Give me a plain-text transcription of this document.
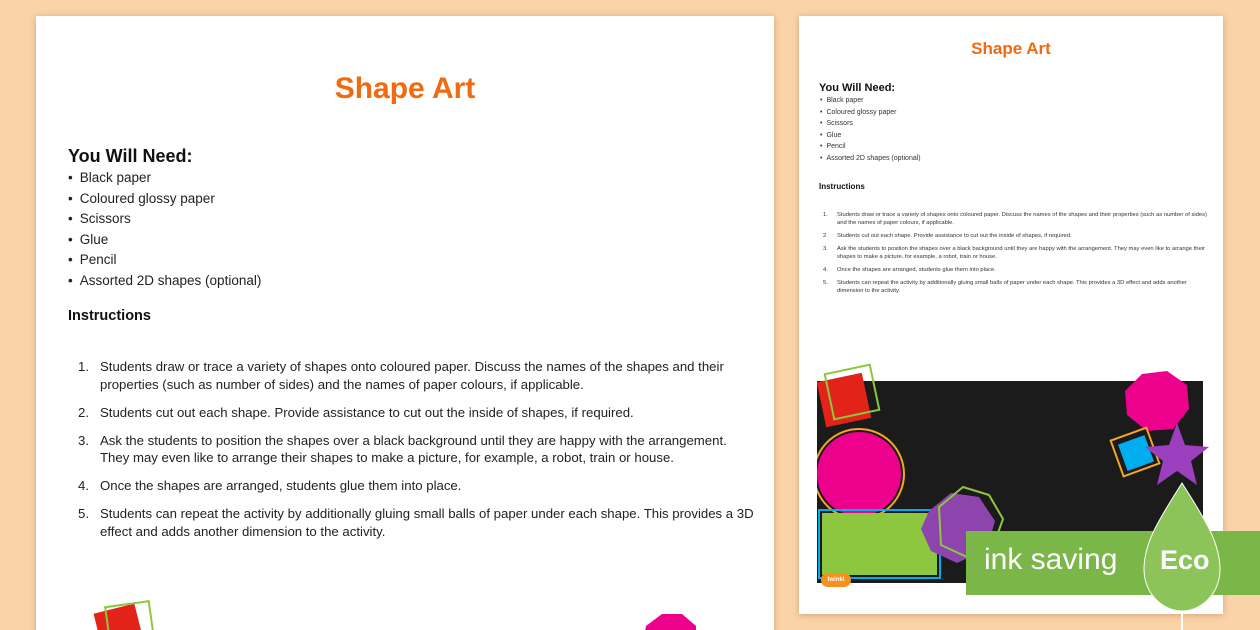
Shape Art
You Will Need:
• Black paper
• Coloured glossy paper
• Scissors
• Glue
• Pencil
• Assorted 2D shapes (optional)
Instructions
1. Students draw or trace a variety of shapes onto coloured paper. Discuss the names of the shapes and their properties (such as number of sides) and the names of paper colours, if applicable.
2. Students cut out each shape. Provide assistance to cut out the inside of shapes, if required.
3. Ask the students to position the shapes over a black background until they are happy with the arrangement. They may even like to arrange their shapes to make a picture, for example, a robot, train or house.
4. Once the shapes are arranged, students glue them into place.
5. Students can repeat the activity by additionally gluing small balls of paper under each shape. This provides a 3D effect and adds another dimension to the activity.
Shape Art
You Will Need:
• Black paper
• Coloured glossy paper
• Scissors
• Glue
• Pencil
• Assorted 2D shapes (optional)
Instructions
1.	Students draw or trace a variety of shapes onto coloured paper. Discuss the names of the shapes and their properties (such as number of sides) and the names of paper colours, if applicable.
2.	Students cut out each shape. Provide assistance to cut out the inside of shapes, if required.
3.	Ask the students to position the shapes over a black background until they are happy with the arrangement. They may even like to arrange their shapes to make a picture, for example, a robot, train or house.
4.	Once the shapes are arranged, students glue them into place.
5.	Students can repeat the activity by additionally gluing small balls of paper under each shape. This provides a 3D effect and adds another dimension to the activity.
twinkl
ink saving Eco
